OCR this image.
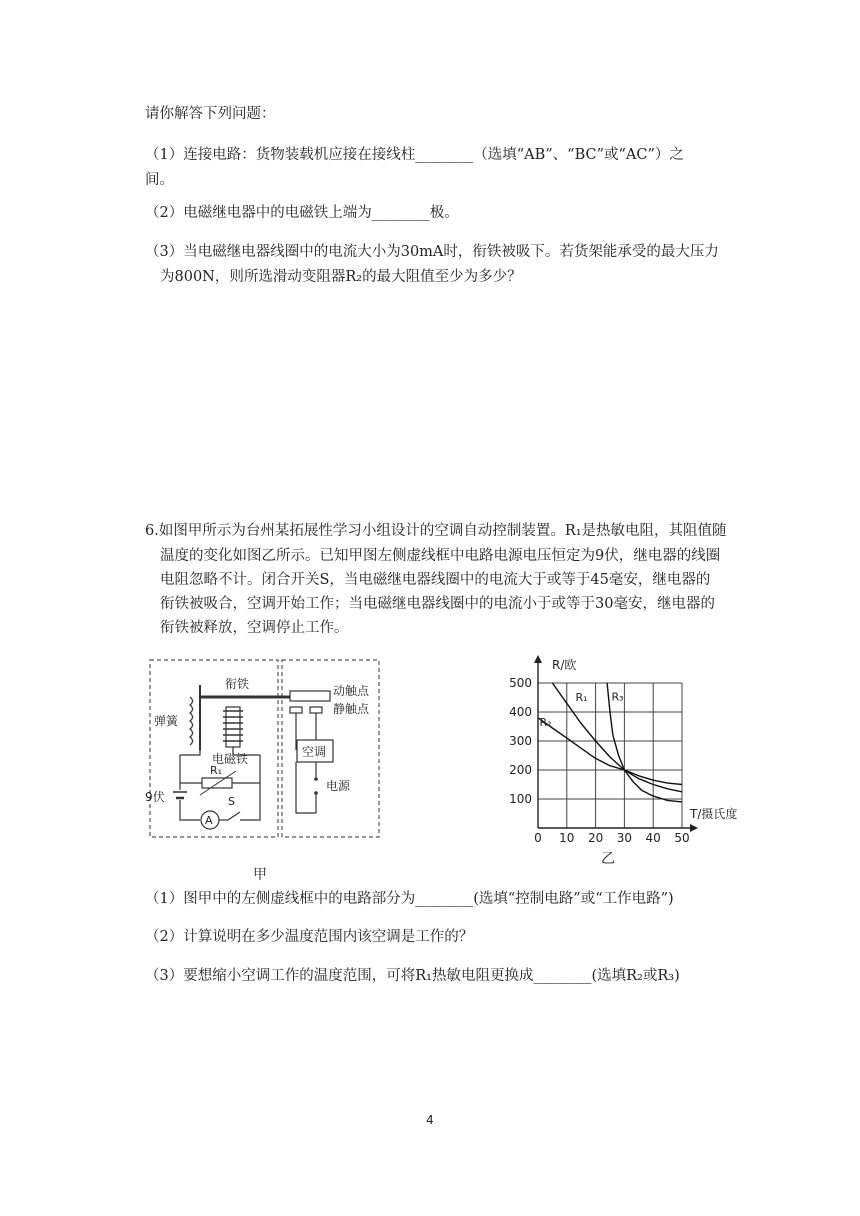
请你解答下列问题：
（1）连接电路：货物装载机应接在接线柱________（选填“AB”、“BC”或“AC”）之
间。
（2）电磁继电器中的电磁铁上端为________极。
（3）当电磁继电器线圈中的电流大小为30mA时，衔铁被吸下。若货架能承受的最大压力
为800N，则所选滑动变阻器R₂的最大阻值至少为多少？
6.如图甲所示为台州某拓展性学习小组设计的空调自动控制装置。R₁是热敏电阻，其阻值随
温度的变化如图乙所示。已知甲图左侧虚线框中电路电源电压恒定为9伏，继电器的线圈
电阻忽略不计。闭合开关S，当电磁继电器线圈中的电流大于或等于45毫安，继电器的
衔铁被吸合，空调开始工作；当电磁继电器线圈中的电流小于或等于30毫安，继电器的
衔铁被释放，空调停止工作。
衔铁
弹簧
电磁铁
R₁
9伏
A
S
动触点
静触点
空调
电源
甲
0 10 20 30 40 50
100
200
300
400
500
R/欧
T/摄氏度
R₁
R₂
R₃
乙
（1）图甲中的左侧虚线框中的电路部分为________(选填“控制电路”或“工作电路”)
（2）计算说明在多少温度范围内该空调是工作的？
（3）要想缩小空调工作的温度范围，可将R₁热敏电阻更换成________(选填R₂或R₃)
4
